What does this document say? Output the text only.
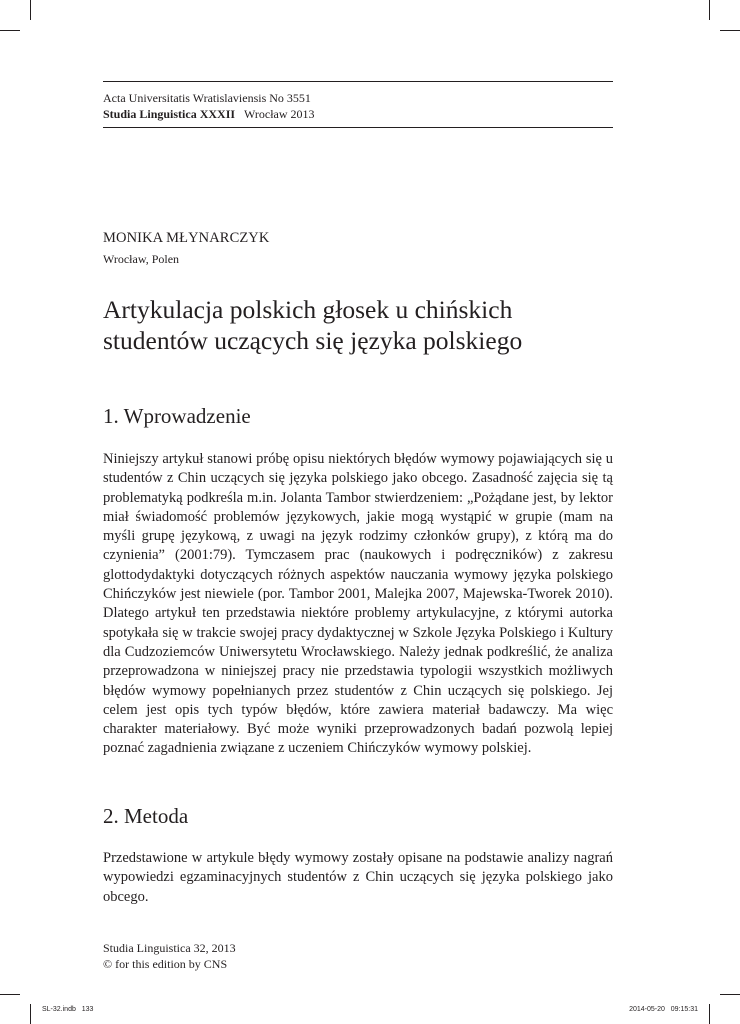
Acta Universitatis Wratislaviensis No 3551
Studia Linguistica XXXII Wrocław 2013
MONIKA MŁYNARCZYK
Wrocław, Polen
Artykulacja polskich głosek u chińskich
studentów uczących się języka polskiego
1. Wprowadzenie
Niniejszy artykuł stanowi próbę opisu niektórych błędów wymowy pojawiających się u studentów z Chin uczących się języka polskiego jako obcego. Zasadność zajęcia się tą problematyką podkreśla m.in. Jolanta Tambor stwierdzeniem: „Pożądane jest, by lektor miał świadomość problemów językowych, jakie mogą wystąpić w grupie (mam na myśli grupę językową, z uwagi na język rodzimy członków grupy), z którą ma do czynienia” (2001:79). Tymczasem prac (naukowych i podręczników) z zakresu glottodydaktyki dotyczących różnych aspektów nauczania wymowy języka polskiego Chińczyków jest niewiele (por. Tambor 2001, Malejka 2007, Majewska-Tworek 2010). Dlatego artykuł ten przedstawia niektóre problemy artykulacyjne, z którymi autorka spotykała się w trakcie swojej pracy dydaktycznej w Szkole Języka Polskiego i Kultury dla Cudzoziemców Uniwersytetu Wrocławskiego. Należy jednak podkreślić, że analiza przeprowadzona w niniejszej pracy nie przedstawia typologii wszystkich możliwych błędów wymowy popełnianych przez studentów z Chin uczących się polskiego. Jej celem jest opis tych typów błędów, które zawiera materiał badawczy. Ma więc charakter materiałowy. Być może wyniki przeprowadzonych badań pozwolą lepiej poznać zagadnienia związane z uczeniem Chińczyków wymowy polskiej.
2. Metoda
Przedstawione w artykule błędy wymowy zostały opisane na podstawie analizy nagrań wypowiedzi egzaminacyjnych studentów z Chin uczących się języka polskiego jako obcego.
Studia Linguistica 32, 2013
© for this edition by CNS
SL-32.indb   133	2014-05-20   09:15:31
